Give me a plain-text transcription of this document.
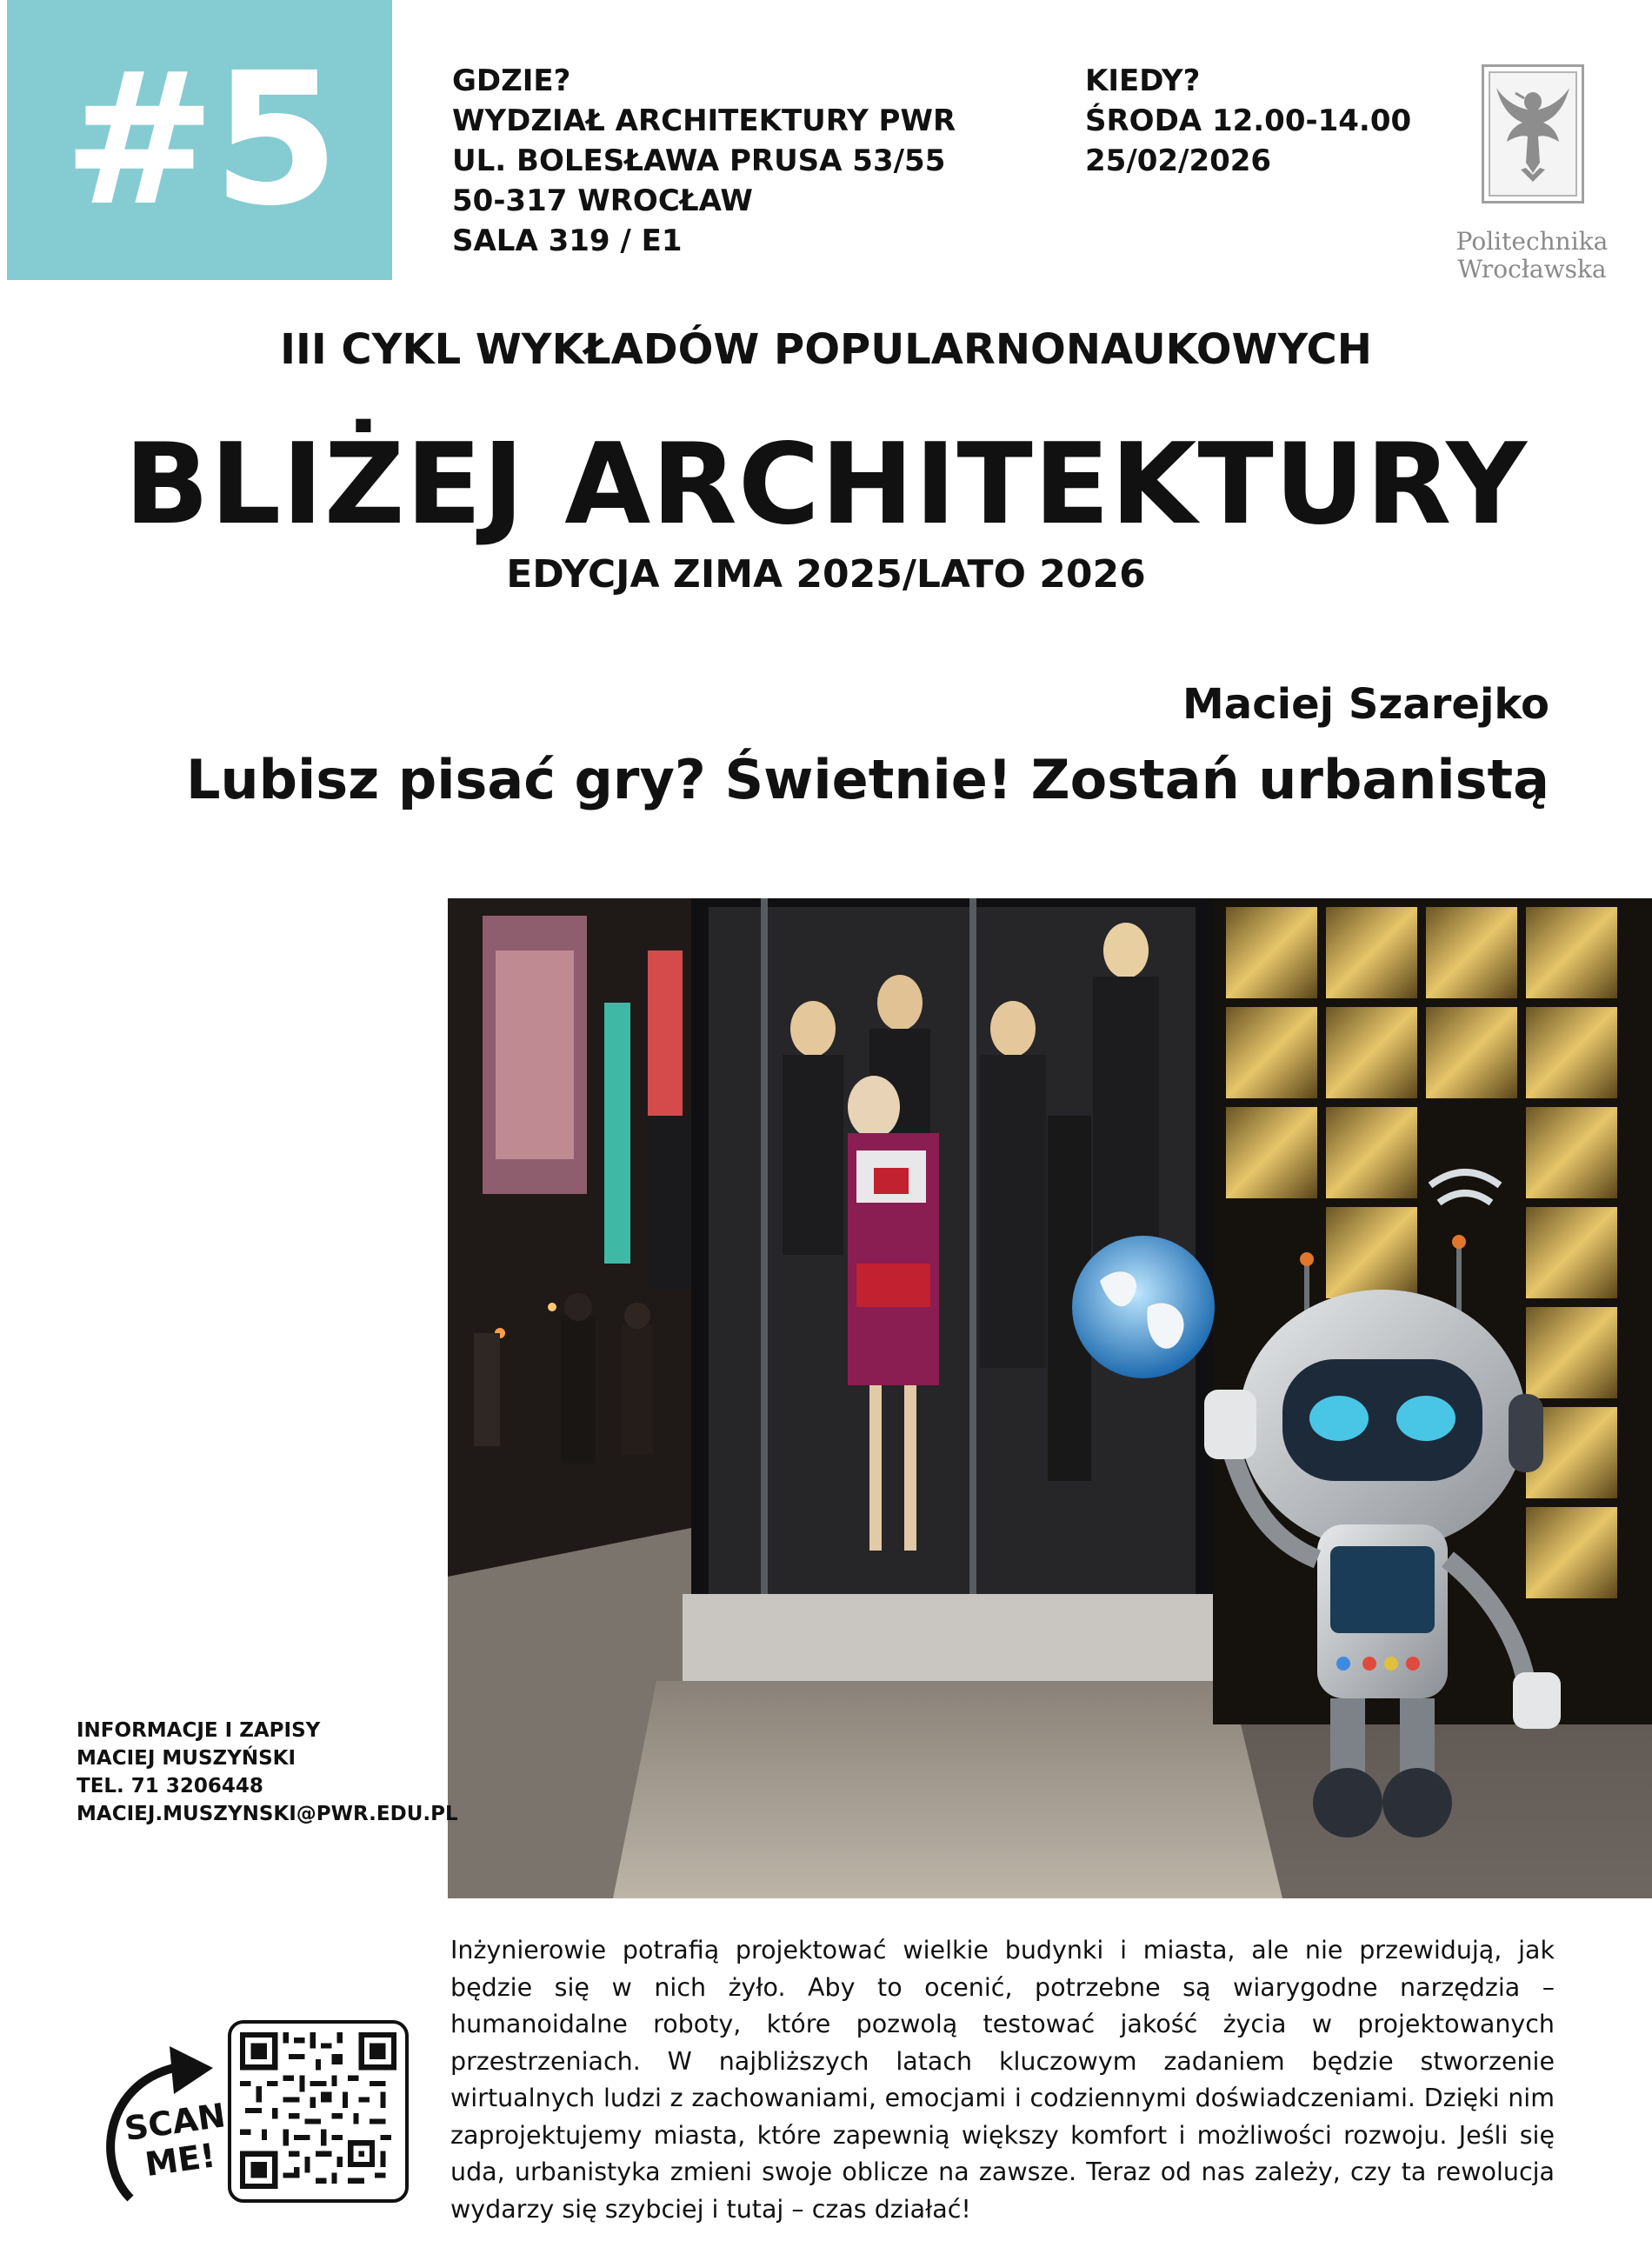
#5	GDZIE?
WYDZIAŁ ARCHITEKTURY PWR
UL. BOLESŁAWA PRUSA 53/55
50-317 WROCŁAW
SALA 319 / E1
KIEDY?
ŚRODA 12.00-14.00
25/02/2026
Politechnika
Wrocławska
III CYKL WYKŁADÓW POPULARNONAUKOWYCH
BLIŻEJ ARCHITEKTURY
EDYCJA ZIMA 2025/LATO 2026
Maciej Szarejko
Lubisz pisać gry? Świetnie! Zostań urbanistą
INFORMACJE I ZAPISY
MACIEJ MUSZYŃSKI
TEL. 71 3206448
MACIEJ.MUSZYNSKI@PWR.EDU.PL
SCAN
ME!

Inżynierowie potrafią projektować wielkie budynki i miasta, ale nie przewidują, jak będzie się w nich żyło. Aby to ocenić, potrzebne są wiarygodne narzędzia – humanoidalne roboty, które pozwolą testować jakość życia w projektowanych przestrzeniach. W najbliższych latach kluczowym zadaniem będzie stworzenie wirtualnych ludzi z zachowaniami, emocjami i codziennymi doświadczeniami. Dzięki nim zaprojektujemy miasta, które zapewnią większy komfort i możliwości rozwoju. Jeśli się uda, urbanistyka zmieni swoje oblicze na zawsze. Teraz od nas zależy, czy ta rewolucja wydarzy się szybciej i tutaj – czas działać!
